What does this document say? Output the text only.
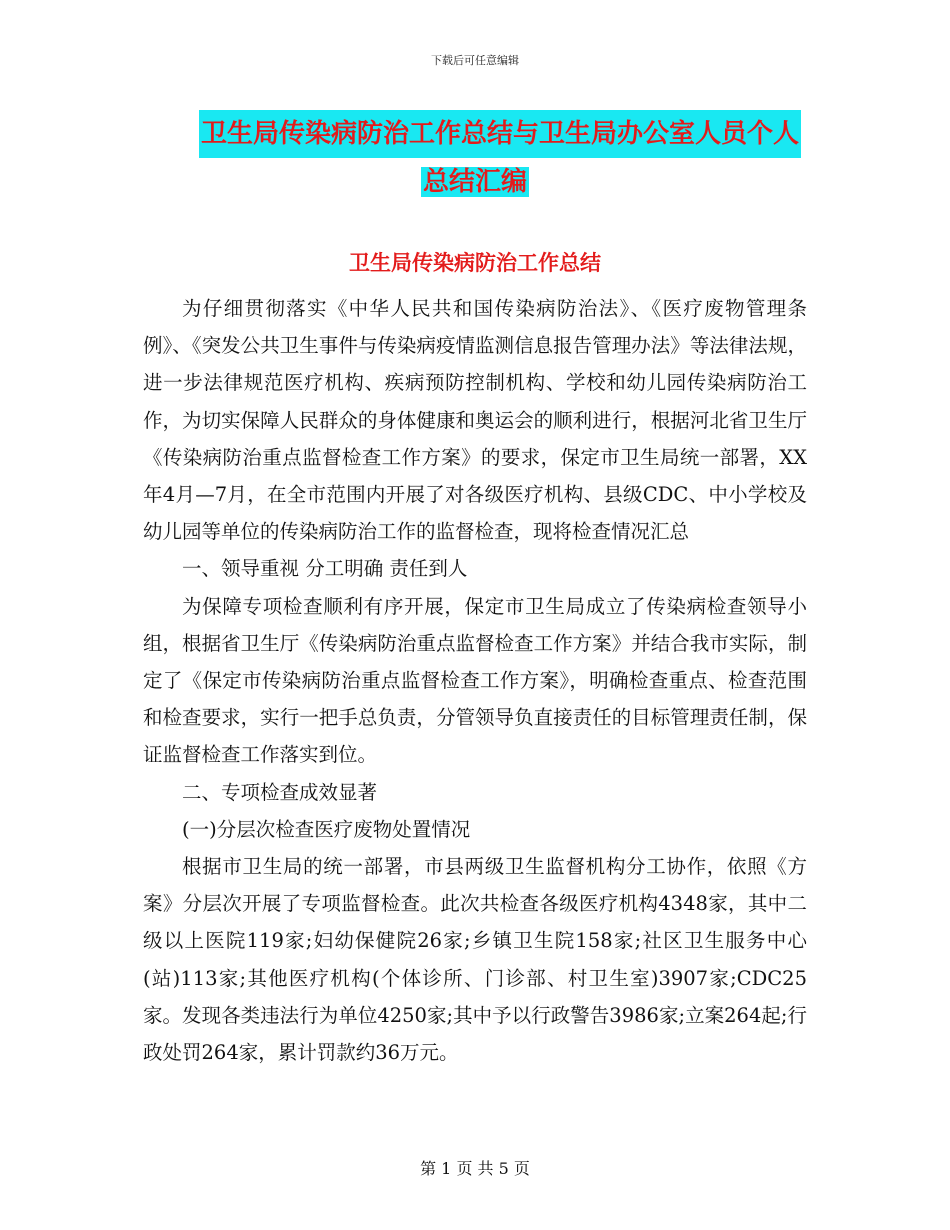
下载后可任意编辑
卫生局传染病防治工作总结与卫生局办公室人员个人
总结汇编
卫生局传染病防治工作总结

为仔细贯彻落实《中华人民共和国传染病防治法》、《医疗废物管理条例》、《突发公共卫生事件与传染病疫情监测信息报告管理办法》等法律法规，进一步法律规范医疗机构、疾病预防控制机构、学校和幼儿园传染病防治工作，为切实保障人民群众的身体健康和奥运会的顺利进行，根据河北省卫生厅《传染病防治重点监督检查工作方案》的要求，保定市卫生局统一部署，XX年4月—7月，在全市范围内开展了对各级医疗机构、县级CDC、中小学校及幼儿园等单位的传染病防治工作的监督检查，现将检查情况汇总

一、领导重视 分工明确 责任到人

为保障专项检查顺利有序开展，保定市卫生局成立了传染病检查领导小组，根据省卫生厅《传染病防治重点监督检查工作方案》并结合我市实际，制定了《保定市传染病防治重点监督检查工作方案》，明确检查重点、检查范围和检查要求，实行一把手总负责，分管领导负直接责任的目标管理责任制，保证监督检查工作落实到位。

二、专项检查成效显著

(一)分层次检查医疗废物处置情况

根据市卫生局的统一部署，市县两级卫生监督机构分工协作，依照《方案》分层次开展了专项监督检查。此次共检查各级医疗机构4348家，其中二级以上医院119家;妇幼保健院26家;乡镇卫生院158家;社区卫生服务中心(站)113家;其他医疗机构(个体诊所、门诊部、村卫生室)3907家;CDC25家。发现各类违法行为单位4250家;其中予以行政警告3986家;立案264起;行政处罚264家，累计罚款约36万元。

第 1 页 共 5 页
